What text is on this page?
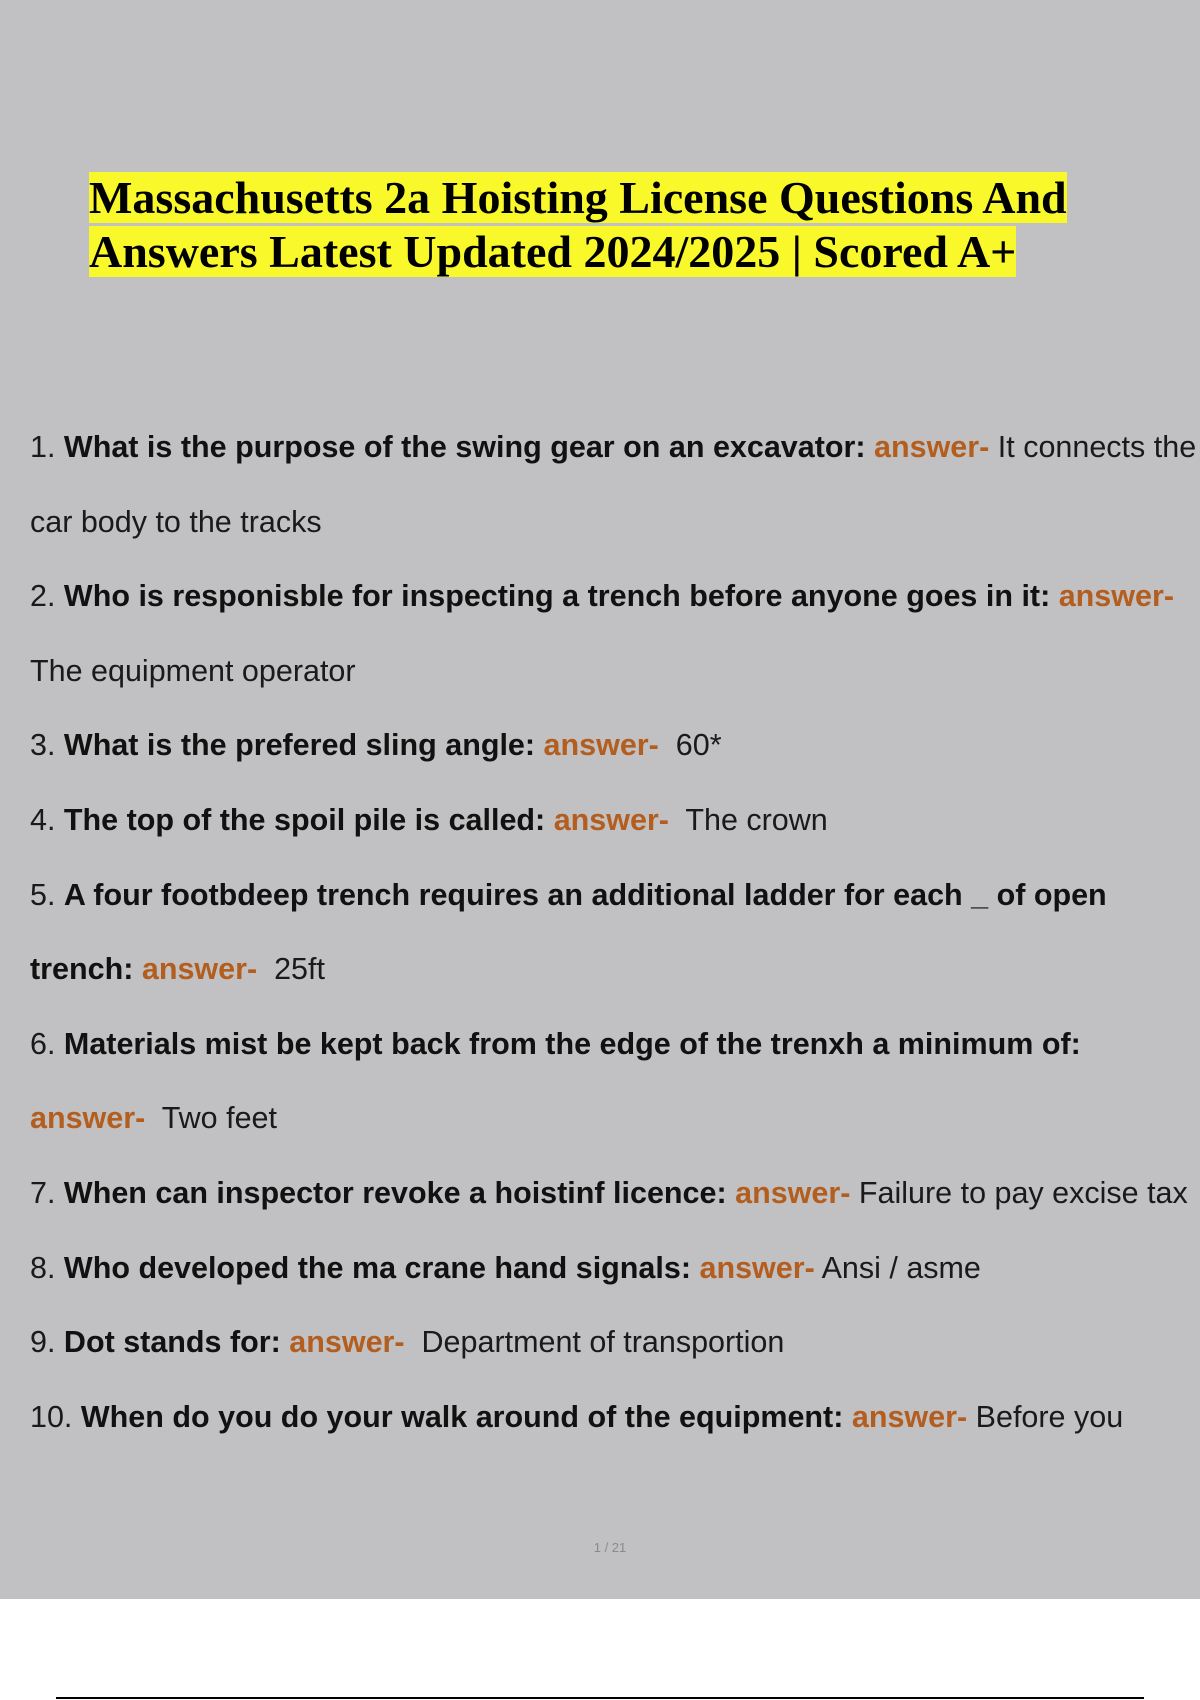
Massachusetts 2a Hoisting License Questions And Answers Latest Updated 2024/2025 | Scored A+
1. What is the purpose of the swing gear on an excavator: answer- It connects the car body to the tracks
2. Who is responisble for inspecting a trench before anyone goes in it: answer-  The equipment operator
3. What is the prefered sling angle: answer- 60*
4. The top of the spoil pile is called: answer- The crown
5. A four footbdeep trench requires an additional ladder for each _ of open trench: answer- 25ft
6. Materials mist be kept back from the edge of the trenxh a minimum of: answer- Two feet
7. When can inspector revoke a hoistinf licence: answer- Failure to pay excise tax
8. Who developed the ma crane hand signals: answer- Ansi / asme
9. Dot stands for: answer- Department of transportion
10. When do you do your walk around of the equipment: answer- Before you
1 / 21
